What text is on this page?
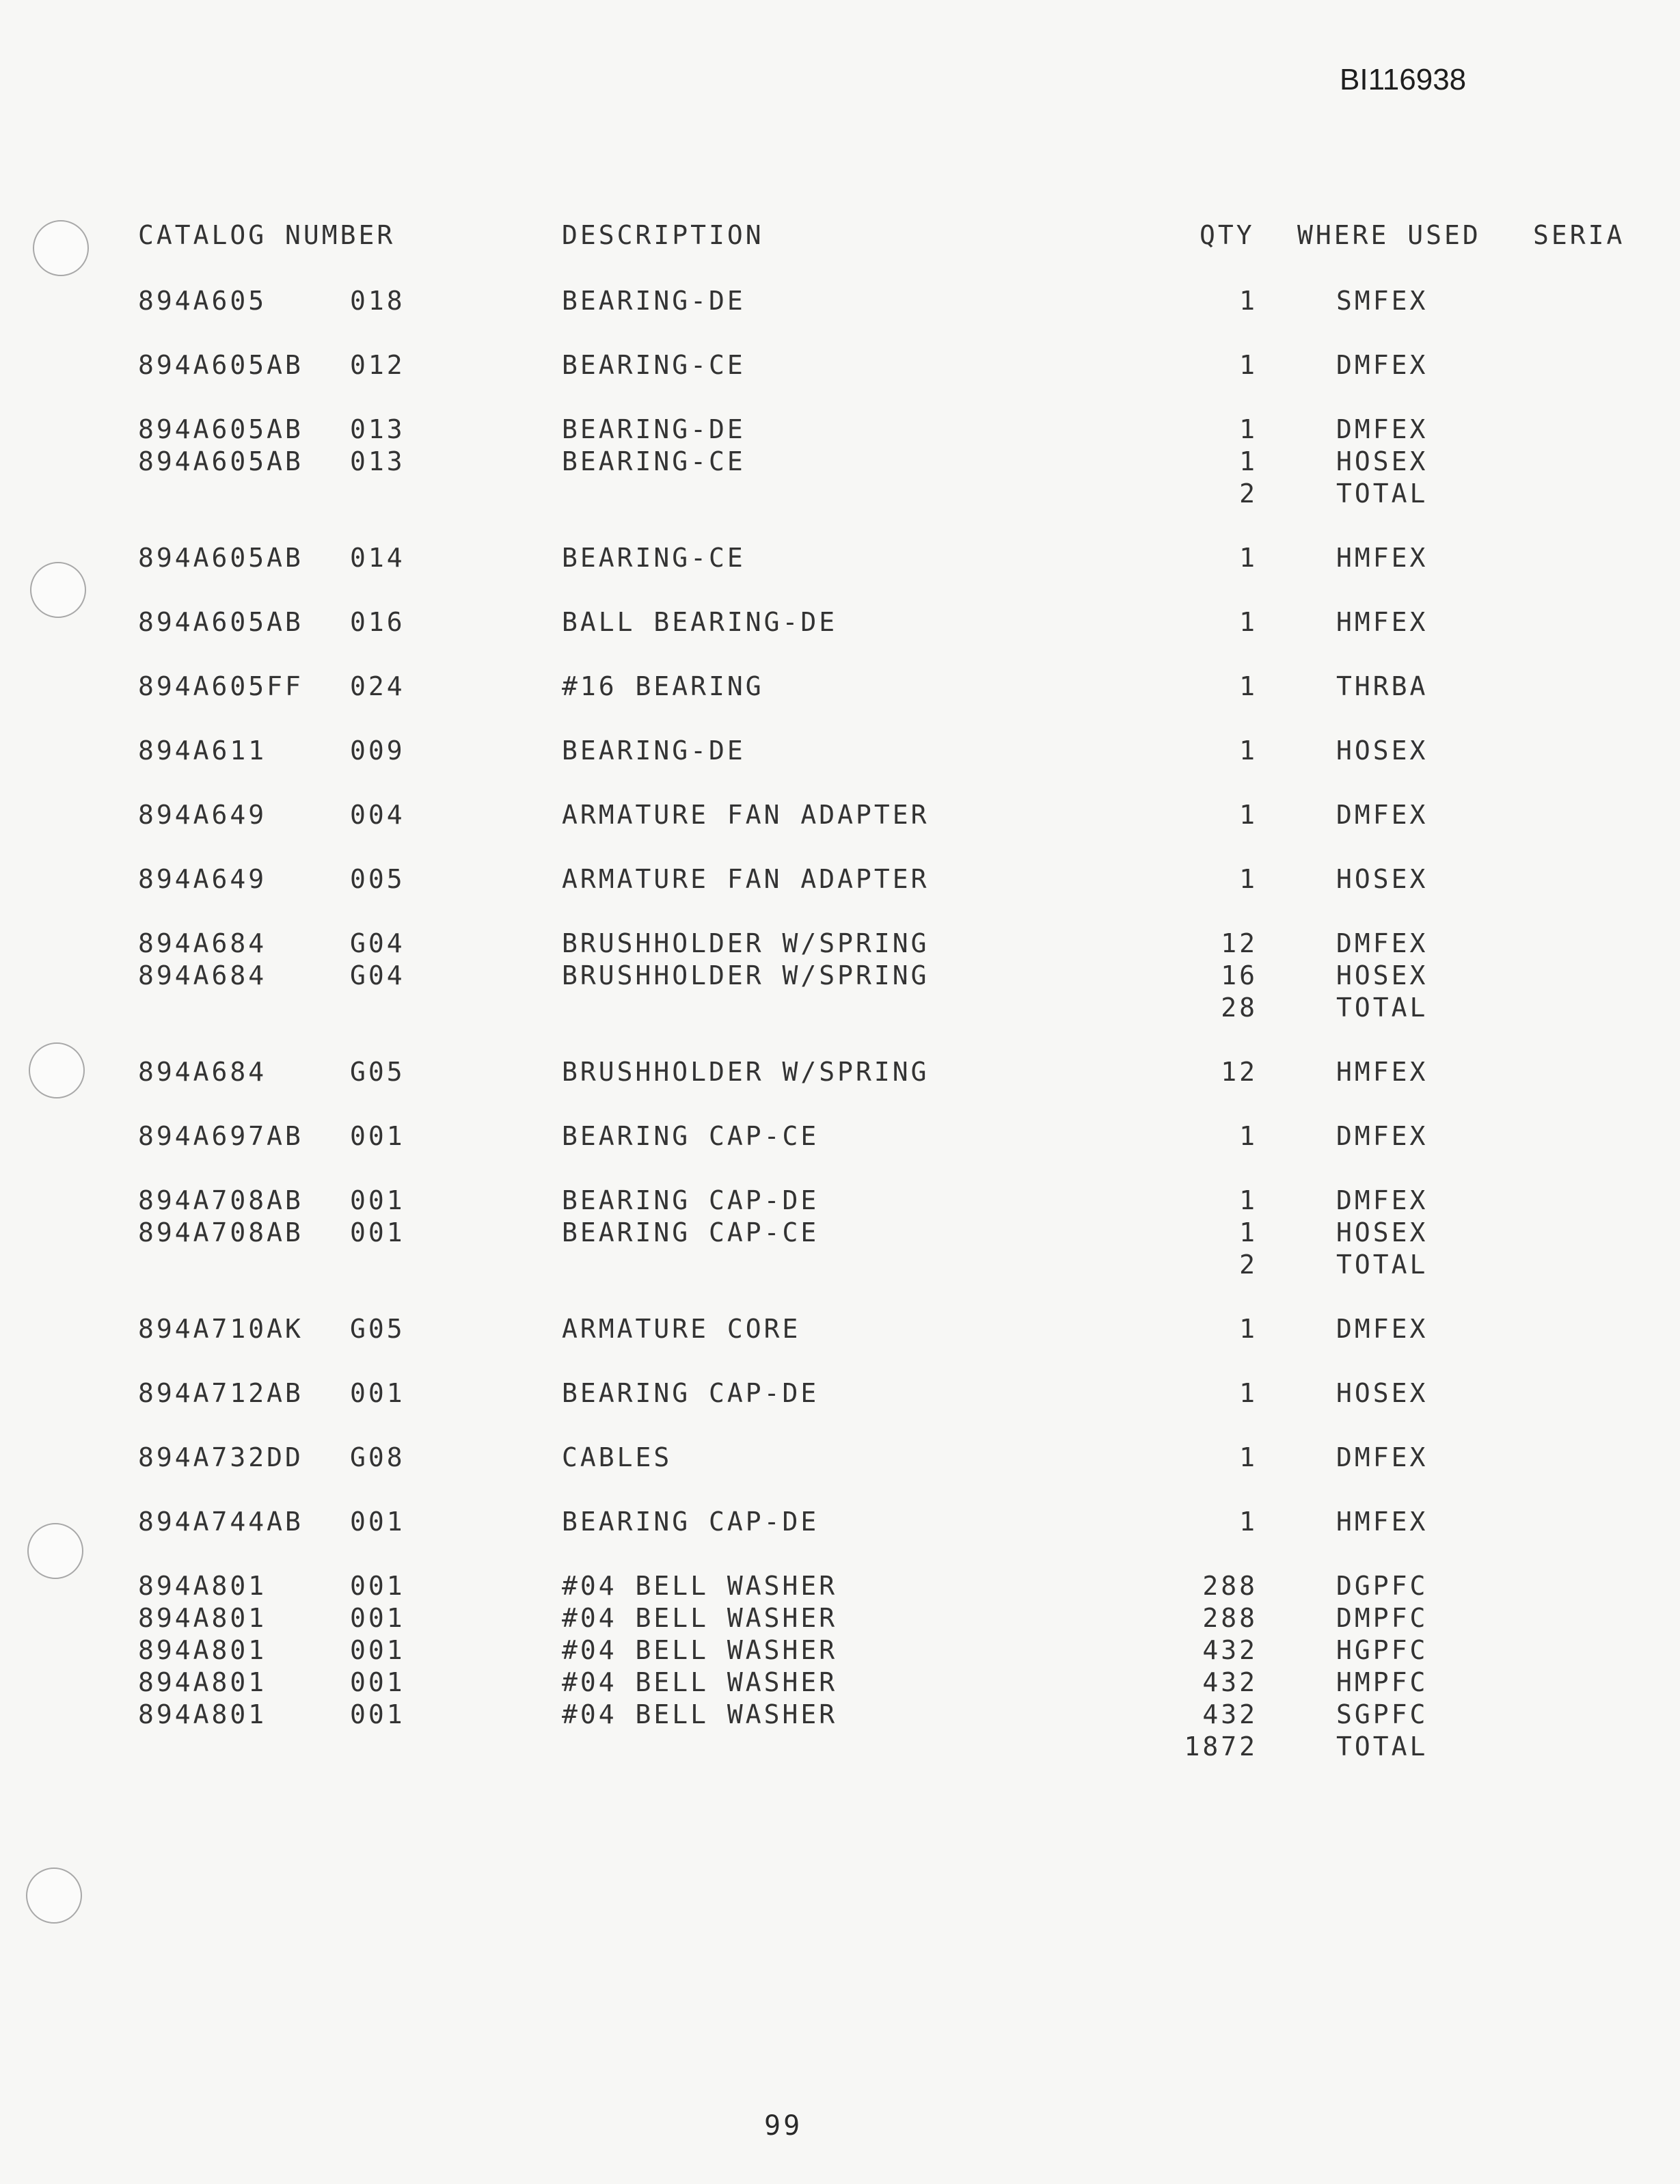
BI116938
CATALOG NUMBER	DESCRIPTION	QTY WHERE USED SERIA
894A605	018	BEARING-DE	1	SMFEX
894A605AB 012	BEARING-CE	1	DMFEX
894A605AB 013	BEARING-DE	1	DMFEX
894A605AB 013	BEARING-CE	1	HOSEX
2	TOTAL
894A605AB 014	BEARING-CE	1	HMFEX
894A605AB 016	BALL BEARING-DE	1	HMFEX
894A605FF 024	#16 BEARING	1	THRBA
894A611	009	BEARING-DE	1	HOSEX
894A649	004	ARMATURE FAN ADAPTER	1	DMFEX
894A649	005	ARMATURE FAN ADAPTER	1	HOSEX
894A684	G04	BRUSHHOLDER W/SPRING	12	DMFEX
894A684	G04	BRUSHHOLDER W/SPRING	16	HOSEX
28	TOTAL
894A684	G05	BRUSHHOLDER W/SPRING	12	HMFEX
894A697AB 001	BEARING CAP-CE	1	DMFEX
894A708AB 001	BEARING CAP-DE	1	DMFEX
894A708AB 001	BEARING CAP-CE	1	HOSEX
2	TOTAL
894A710AK G05	ARMATURE CORE	1	DMFEX
894A712AB 001	BEARING CAP-DE	1	HOSEX
894A732DD G08	CABLES	1	DMFEX
894A744AB 001	BEARING CAP-DE	1	HMFEX
894A801	001	#04 BELL WASHER	288	DGPFC
894A801	001	#04 BELL WASHER	288	DMPFC
894A801	001	#04 BELL WASHER	432	HGPFC
894A801	001	#04 BELL WASHER	432	HMPFC
894A801	001	#04 BELL WASHER	432	SGPFC
1872	TOTAL
99
